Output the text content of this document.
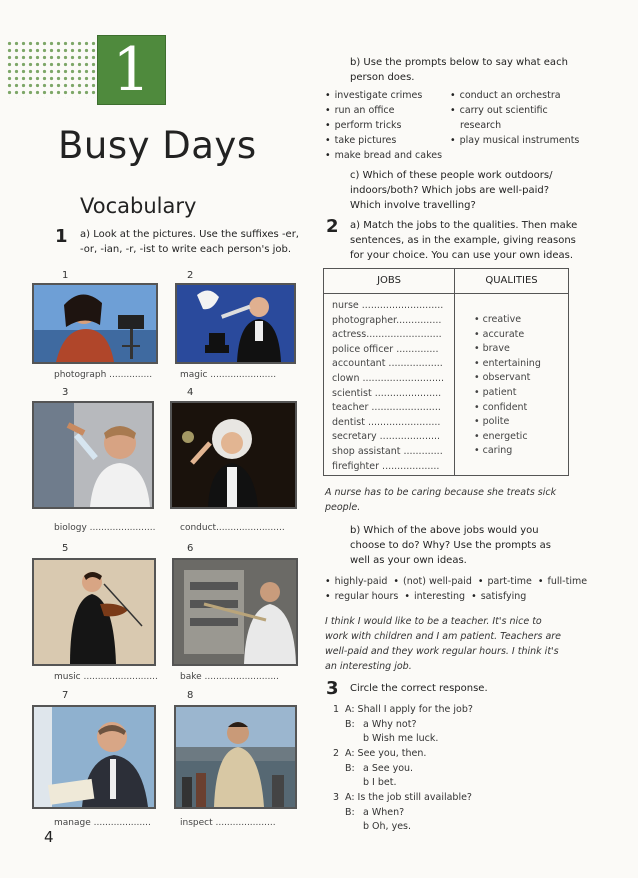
1
Busy Days
Vocabulary
1 a) Look at the pictures. Use the suffixes -er,
-or, -ian, -r, -ist to write each person's job.
1
photograph ...............
2
magic .......................
3
biology .......................
4
conduct........................
5
music ..........................
6
bake ..........................
7
manage ....................
8
inspect .....................
4
b) Use the prompts below to say what each
person does.
• investigate crimes
• run an office
• perform tricks
• take pictures
• make bread and cakes
• conduct an orchestra
• carry out scientific
research
• play musical instruments
c) Which of these people work outdoors/
indoors/both? Which jobs are well-paid?
Which involve travelling?
2 a) Match the jobs to the qualities. Then make
sentences, as in the example, giving reasons
for your choice. You can use your own ideas.
JOBS	QUALITIES
nurse ...........................
photographer...............
actress.........................
police officer ..............
accountant ..................
clown ...........................
scientist ......................
teacher .......................
dentist ........................
secretary ....................
shop assistant .............
firefighter ...................
• creative
• accurate
• brave
• entertaining
• observant
• patient
• confident
• polite
• energetic
• caring
A nurse has to be caring because she treats sick
people.
b) Which of the above jobs would you
choose to do? Why? Use the prompts as
well as your own ideas.
• highly-paid • (not) well-paid • part-time • full-time
• regular hours • interesting • satisfying
I think I would like to be a teacher. It's nice to
work with children and I am patient. Teachers are
well-paid and they work regular hours. I think it's
an interesting job.
3 Circle the correct response.
1 A: Shall I apply for the job?
B: a Why not?
b Wish me luck.
2 A: See you, then.
B: a See you.
b I bet.
3 A: Is the job still available?
B: a When?
b Oh, yes.
